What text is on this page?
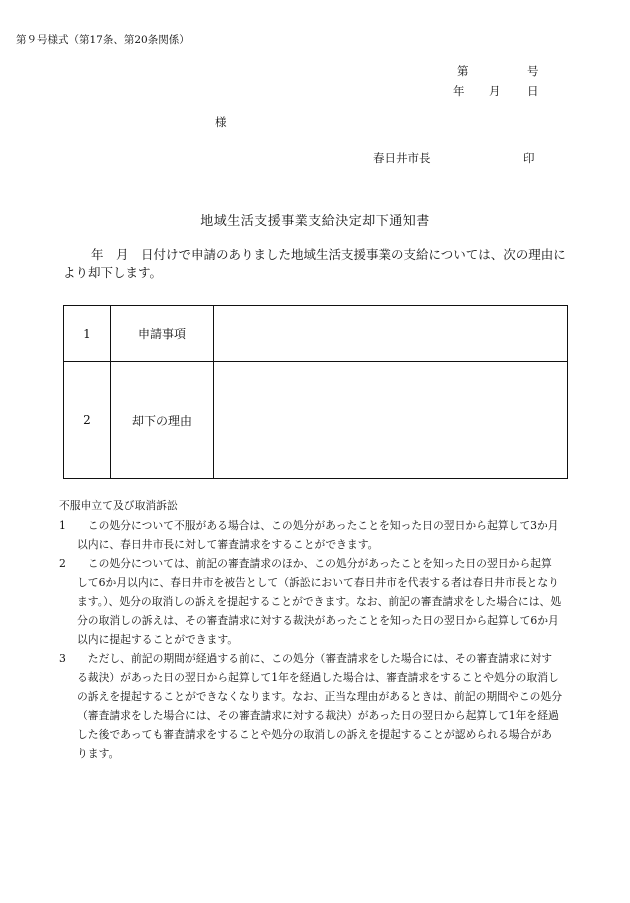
第９号様式（第17条、第20条関係）
第	号
年 月 日
様
春日井市長	印
地域生活支援事業支給決定却下通知書
年　月　日付けで申請のありました地域生活支援事業の支給については、次の理由により却下します。
1	申請事項	
2	却下の理由	
不服申立て及び取消訴訟
1	この処分について不服がある場合は、この処分があったことを知った日の翌日から起算して3か月以内に、春日井市長に対して審査請求をすることができます。
2	この処分については、前記の審査請求のほか、この処分があったことを知った日の翌日から起算して6か月以内に、春日井市を被告として（訴訟において春日井市を代表する者は春日井市長となります。）、処分の取消しの訴えを提起することができます。なお、前記の審査請求をした場合には、処分の取消しの訴えは、その審査請求に対する裁決があったことを知った日の翌日から起算して6か月以内に提起することができます。
3	ただし、前記の期間が経過する前に、この処分（審査請求をした場合には、その審査請求に対する裁決）があった日の翌日から起算して1年を経過した場合は、審査請求をすることや処分の取消しの訴えを提起することができなくなります。なお、正当な理由があるときは、前記の期間やこの処分（審査請求をした場合には、その審査請求に対する裁決）があった日の翌日から起算して1年を経過した後であっても審査請求をすることや処分の取消しの訴えを提起することが認められる場合があります。
